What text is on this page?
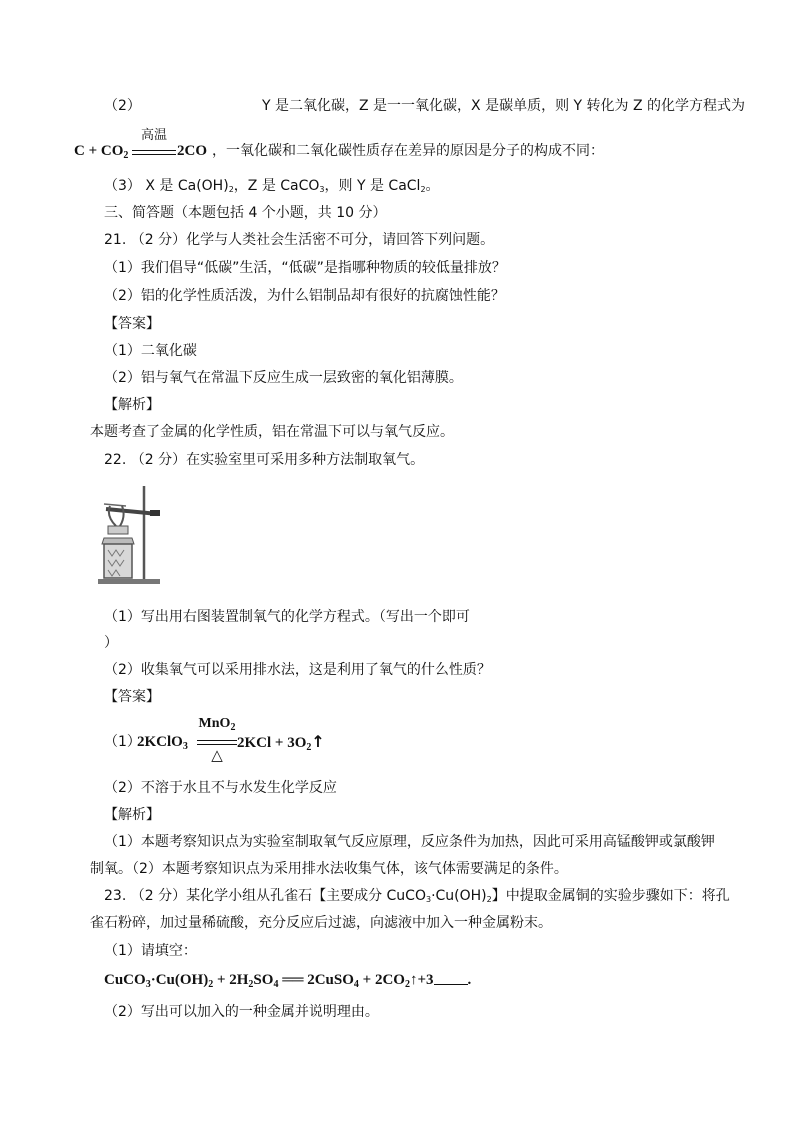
（2）	Y 是二氧化碳，Z 是一一氧化碳，X 是碳单质，则 Y 转化为 Z 的化学方程式为
$C + CO_2$
高温
2CO ，一氧化碳和二氧化碳性质存在差异的原因是分子的构成不同：
（3） X 是 Ca(OH)2，Z 是 CaCO3，则 Y 是 CaCl2。
三、简答题（本题包括 4 个小题，共 10 分）
21. （2 分）化学与人类社会生活密不可分，请回答下列问题。
（1）我们倡导“低碳”生活，“低碳”是指哪种物质的较低量排放？
（2）铝的化学性质活泼，为什么铝制品却有很好的抗腐蚀性能？
【答案】
（1）二氧化碳
（2）铝与氧气在常温下反应生成一层致密的氧化铝薄膜。
【解析】
本题考查了金属的化学性质，铝在常温下可以与氧气反应。
22. （2 分）在实验室里可采用多种方法制取氧气。
（1）写出用右图装置制氧气的化学方程式。（写出一个即可
）
（2）收集氧气可以采用排水法，这是利用了氧气的什么性质？
【答案】
（1）
2KClO$_3$
MnO$_2$
△
$2KCl + 3O_2↑$
（2）不溶于水且不与水发生化学反应
【解析】
（1）本题考察知识点为实验室制取氧气反应原理，反应条件为加热，因此可采用高锰酸钾或氯酸钾
制氧。（2）本题考察知识点为采用排水法收集气体，该气体需要满足的条件。
23. （2 分）某化学小组从孔雀石【主要成分 CuCO3·Cu(OH)2】中提取金属铜的实验步骤如下：将孔
雀石粉碎，加过量稀硫酸，充分反应后过滤，向滤液中加入一种金属粉末。
（1）请填空：
$CuCO_3\cdot Cu(OH)_2 + 2H_2SO_4$ ══ 2CuSO$_4$ + $2CO_2↑+3$ .
（2）写出可以加入的一种金属并说明理由。
